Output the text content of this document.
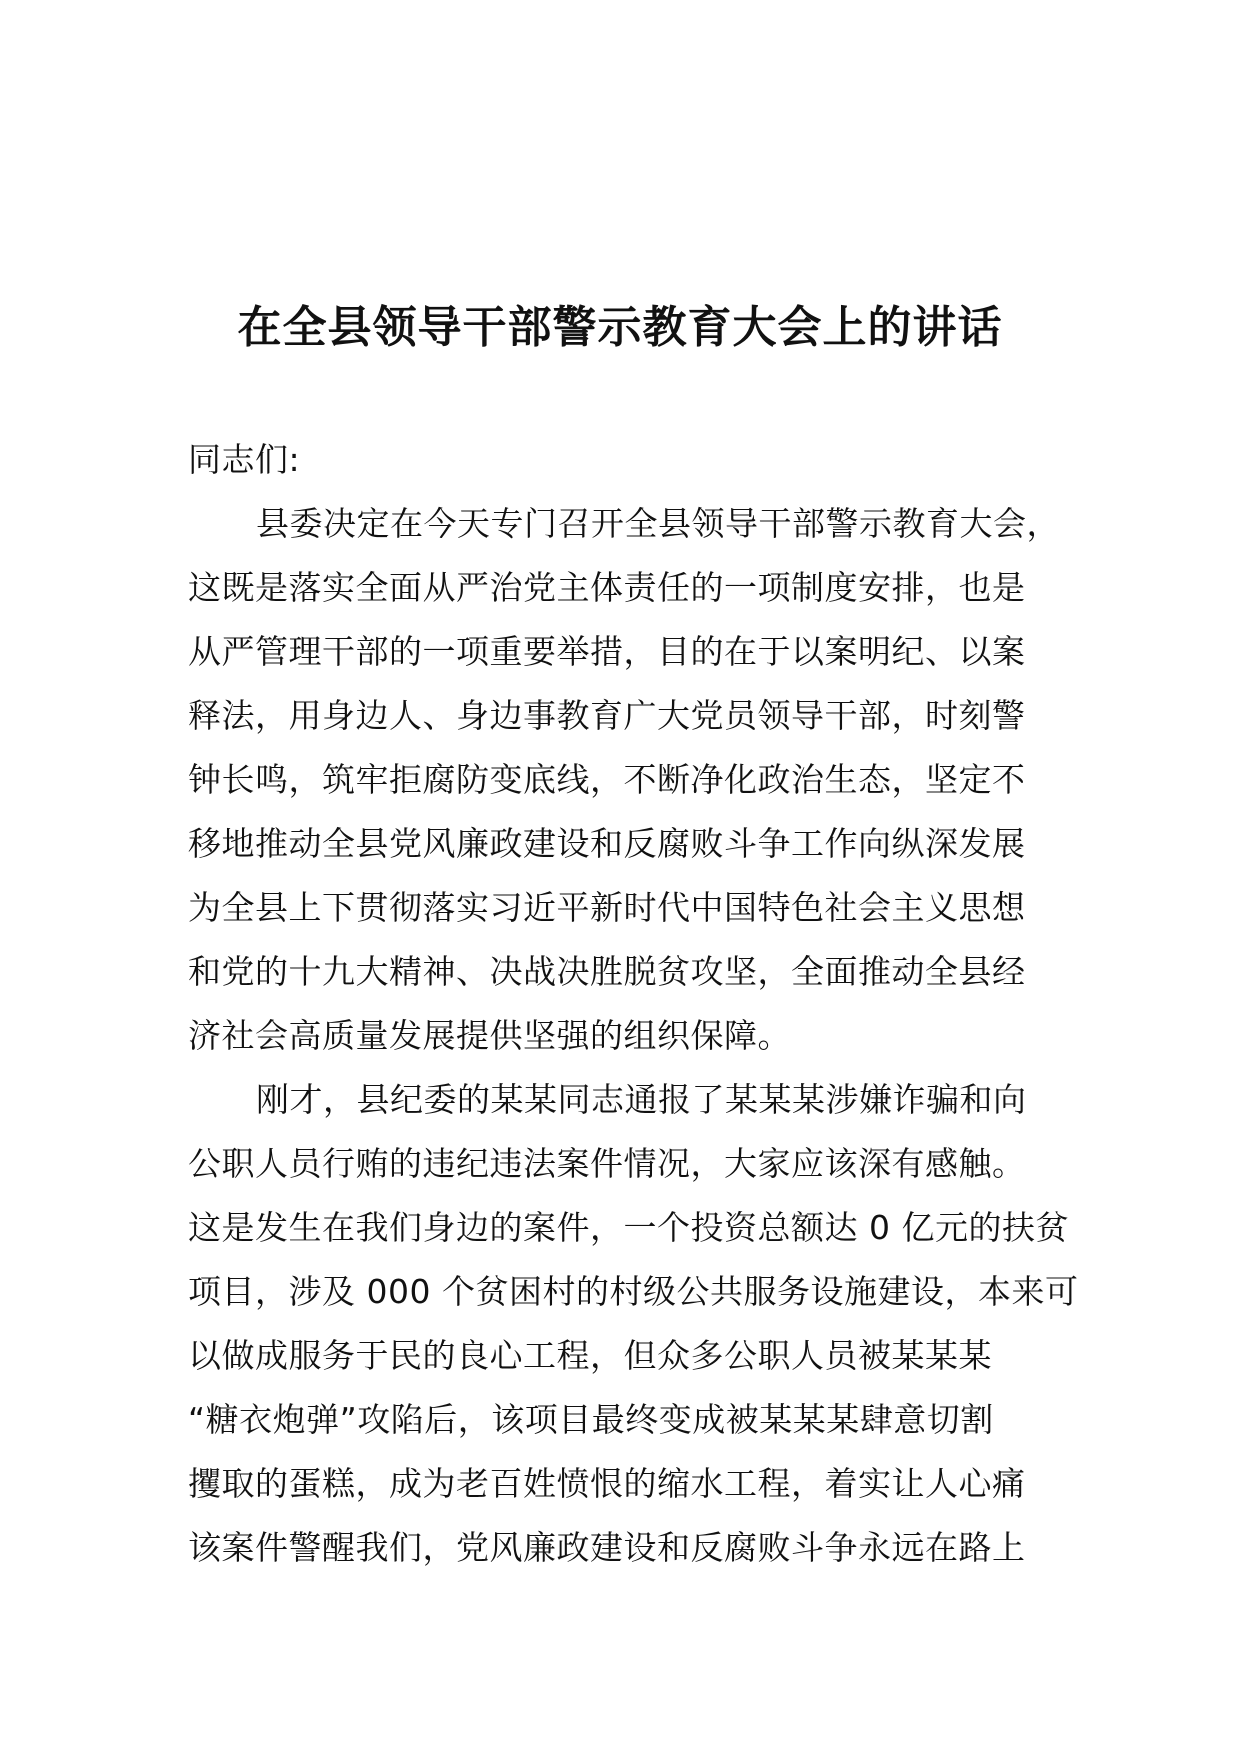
在全县领导干部警示教育大会上的讲话
同志们:
县委决定在今天专门召开全县领导干部警示教育大会，
这既是落实全面从严治党主体责任的一项制度安排，也是
从严管理干部的一项重要举措，目的在于以案明纪、以案
释法，用身边人、身边事教育广大党员领导干部，时刻警
钟长鸣，筑牢拒腐防变底线，不断净化政治生态，坚定不
移地推动全县党风廉政建设和反腐败斗争工作向纵深发展
为全县上下贯彻落实习近平新时代中国特色社会主义思想
和党的十九大精神、决战决胜脱贫攻坚，全面推动全县经
济社会高质量发展提供坚强的组织保障。
刚才，县纪委的某某同志通报了某某某涉嫌诈骗和向
公职人员行贿的违纪违法案件情况，大家应该深有感触。
这是发生在我们身边的案件，一个投资总额达 0 亿元的扶贫
项目，涉及 000 个贫困村的村级公共服务设施建设，本来可
以做成服务于民的良心工程，但众多公职人员被某某某
“糖衣炮弹”攻陷后，该项目最终变成被某某某肆意切割
攫取的蛋糕，成为老百姓愤恨的缩水工程，着实让人心痛
该案件警醒我们，党风廉政建设和反腐败斗争永远在路上
